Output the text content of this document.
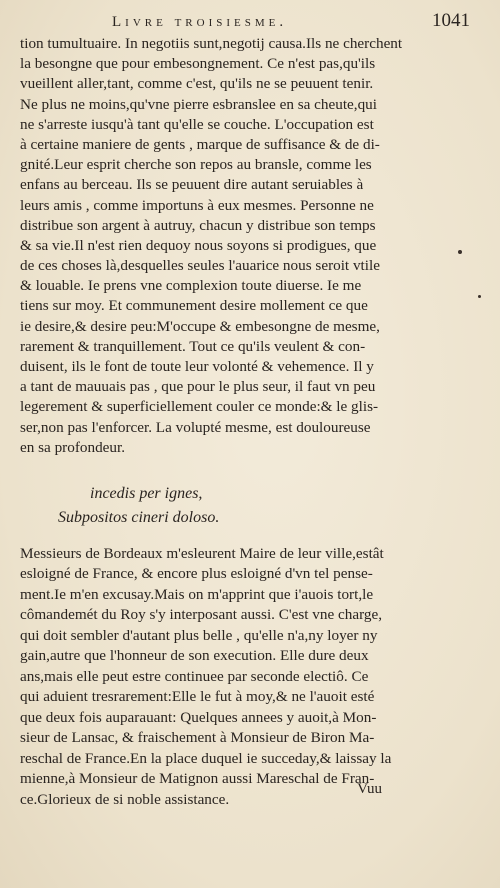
Livre troisiesme.	1041
tion tumultuaire. In negotiis sunt,negotij causa.Ils ne cherchent
la besongne que pour embesongnement. Ce n'est pas,qu'ils
vueillent aller,tant, comme c'est, qu'ils ne se peuuent tenir.
Ne plus ne moins,qu'vne pierre esbranslee en sa cheute,qui
ne s'arreste iusqu'à tant qu'elle se couche. L'occupation est
à certaine maniere de gents , marque de suffisance & de di-
gnité.Leur esprit cherche son repos au bransle, comme les
enfans au berceau. Ils se peuuent dire autant seruiables à
leurs amis , comme importuns à eux mesmes. Personne ne
distribue son argent à autruy, chacun y distribue son temps
& sa vie.Il n'est rien dequoy nous soyons si prodigues, que
de ces choses là,desquelles seules l'auarice nous seroit vtile
& louable. Ie prens vne complexion toute diuerse. Ie me
tiens sur moy. Et communement desire mollement ce que
ie desire,& desire peu:M'occupe & embesongne de mesme,
rarement & tranquillement. Tout ce qu'ils veulent & con-
duisent, ils le font de toute leur volonté & vehemence. Il y
a tant de mauuais pas , que pour le plus seur, il faut vn peu
legerement & superficiellement couler ce monde:& le glis-
ser,non pas l'enforcer. La volupté mesme, est douloureuse
en sa profondeur.
incedis per ignes,
Subpositos cineri doloso.
Messieurs de Bordeaux m'esleurent Maire de leur ville,estât
esloigné de France, & encore plus esloigné d'vn tel pense-
ment.Ie m'en excusay.Mais on m'apprint que i'auois tort,le
cômandemét du Roy s'y interposant aussi. C'est vne charge,
qui doit sembler d'autant plus belle , qu'elle n'a,ny loyer ny
gain,autre que l'honneur de son execution. Elle dure deux
ans,mais elle peut estre continuee par seconde electiô. Ce
qui aduient tresrarement:Elle le fut à moy,& ne l'auoit esté
que deux fois auparauant: Quelques annees y auoit,à Mon-
sieur de Lansac, & fraischement à Monsieur de Biron Ma-
reschal de France.En la place duquel ie succeday,& laissay la
mienne,à Monsieur de Matignon aussi Mareschal de Fran-
ce.Glorieux de si noble assistance.
Vuu
